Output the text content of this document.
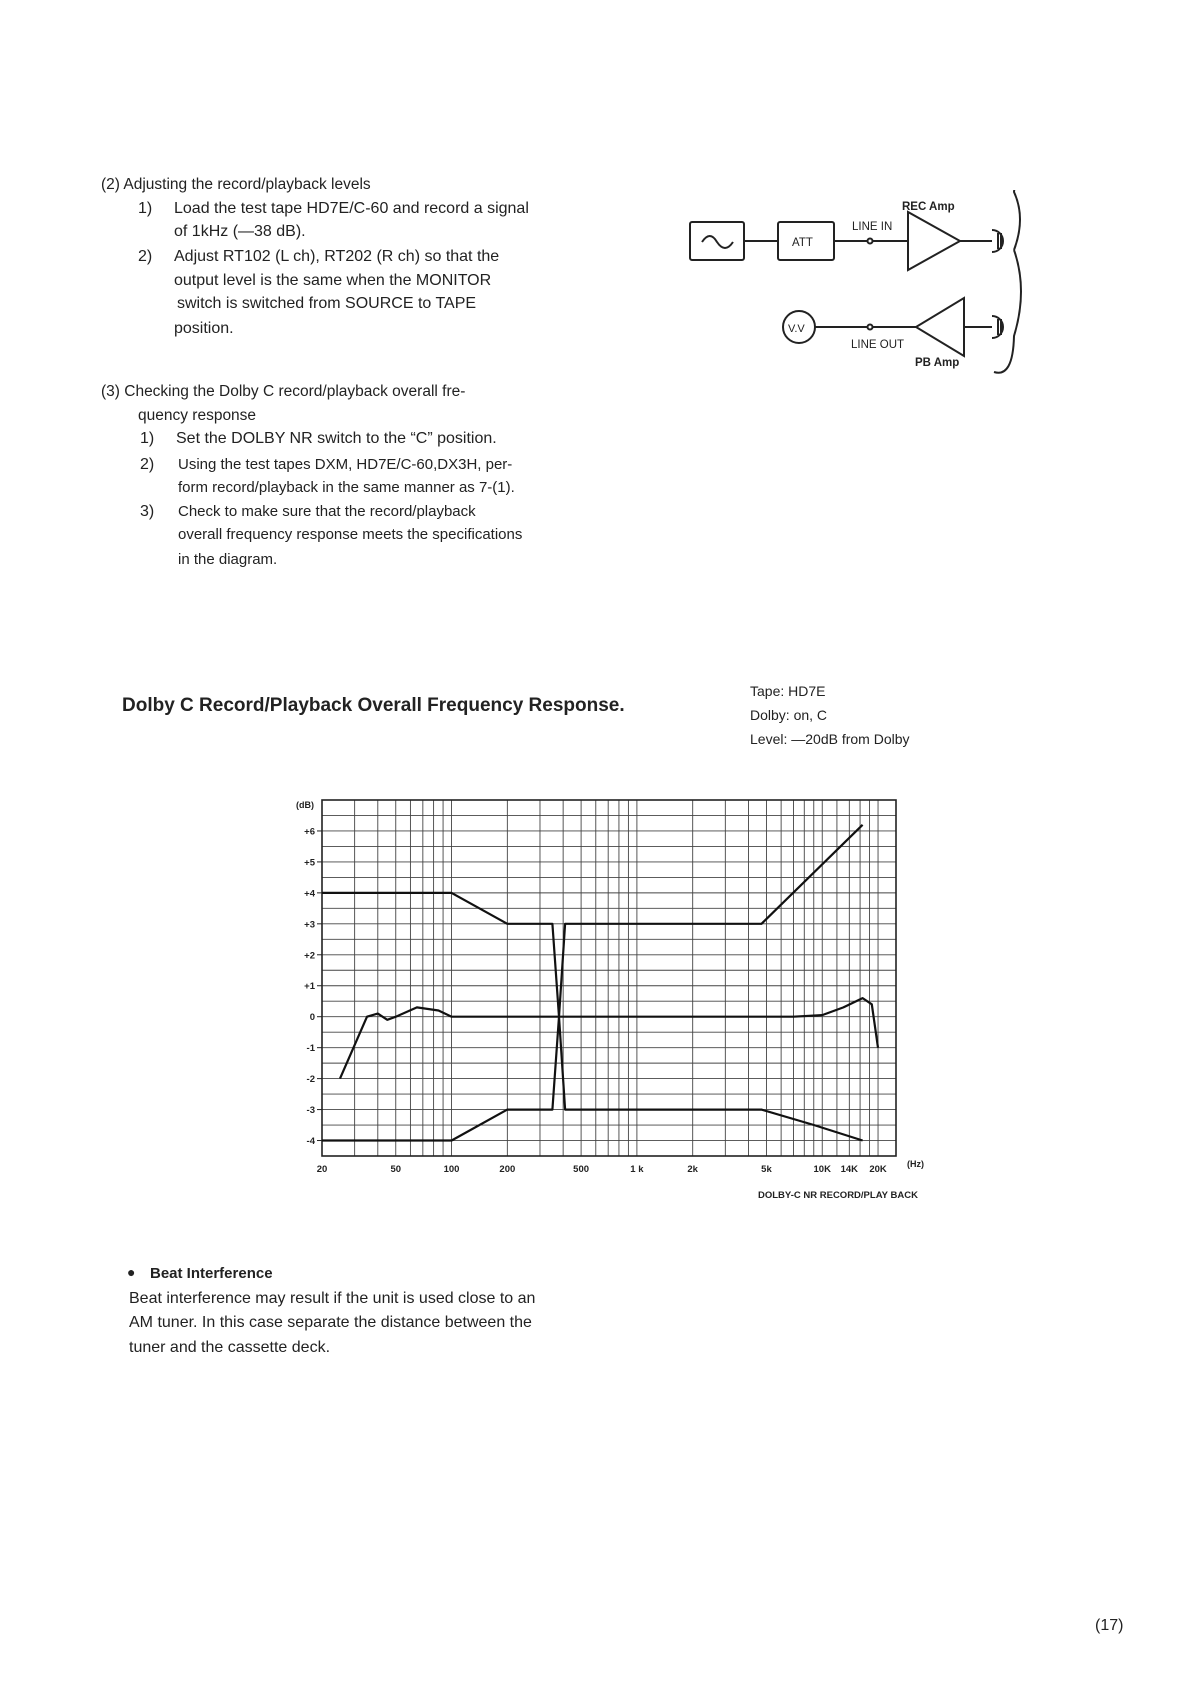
(2) Adjusting the record/playback levels
1) Load the test tape HD7E/C-60 and record a signal
of 1kHz (—38 dB).
2) Adjust RT102 (L ch), RT202 (R ch) so that the
output level is the same when the MONITOR
switch is switched from SOURCE to TAPE
position.
(3) Checking the Dolby C record/playback overall fre-
quency response
1) Set the DOLBY NR switch to the “C” position.
2) Using the test tapes DXM, HD7E/C-60,DX3H, per-
form record/playback in the same manner as 7-(1).
3) Check to make sure that the record/playback
overall frequency response meets the specifications
in the diagram.
ATT
LINE IN
REC Amp
V.V
LINE OUT
PB Amp
Dolby C Record/Playback Overall Frequency Response.
Tape: HD7E
Dolby: on, C
Level: —20dB from Dolby
+6
+5
+4
+3
+2
+1
0
-1
-2
-3
-4
20	50	100	200	500	1 k	2k	5k	10K 14K 20K
(dB)
(Hz)
DOLBY-C NR RECORD/PLAY BACK
● Beat Interference
Beat interference may result if the unit is used close to an
AM tuner. In this case separate the distance between the
tuner and the cassette deck.
(17)
